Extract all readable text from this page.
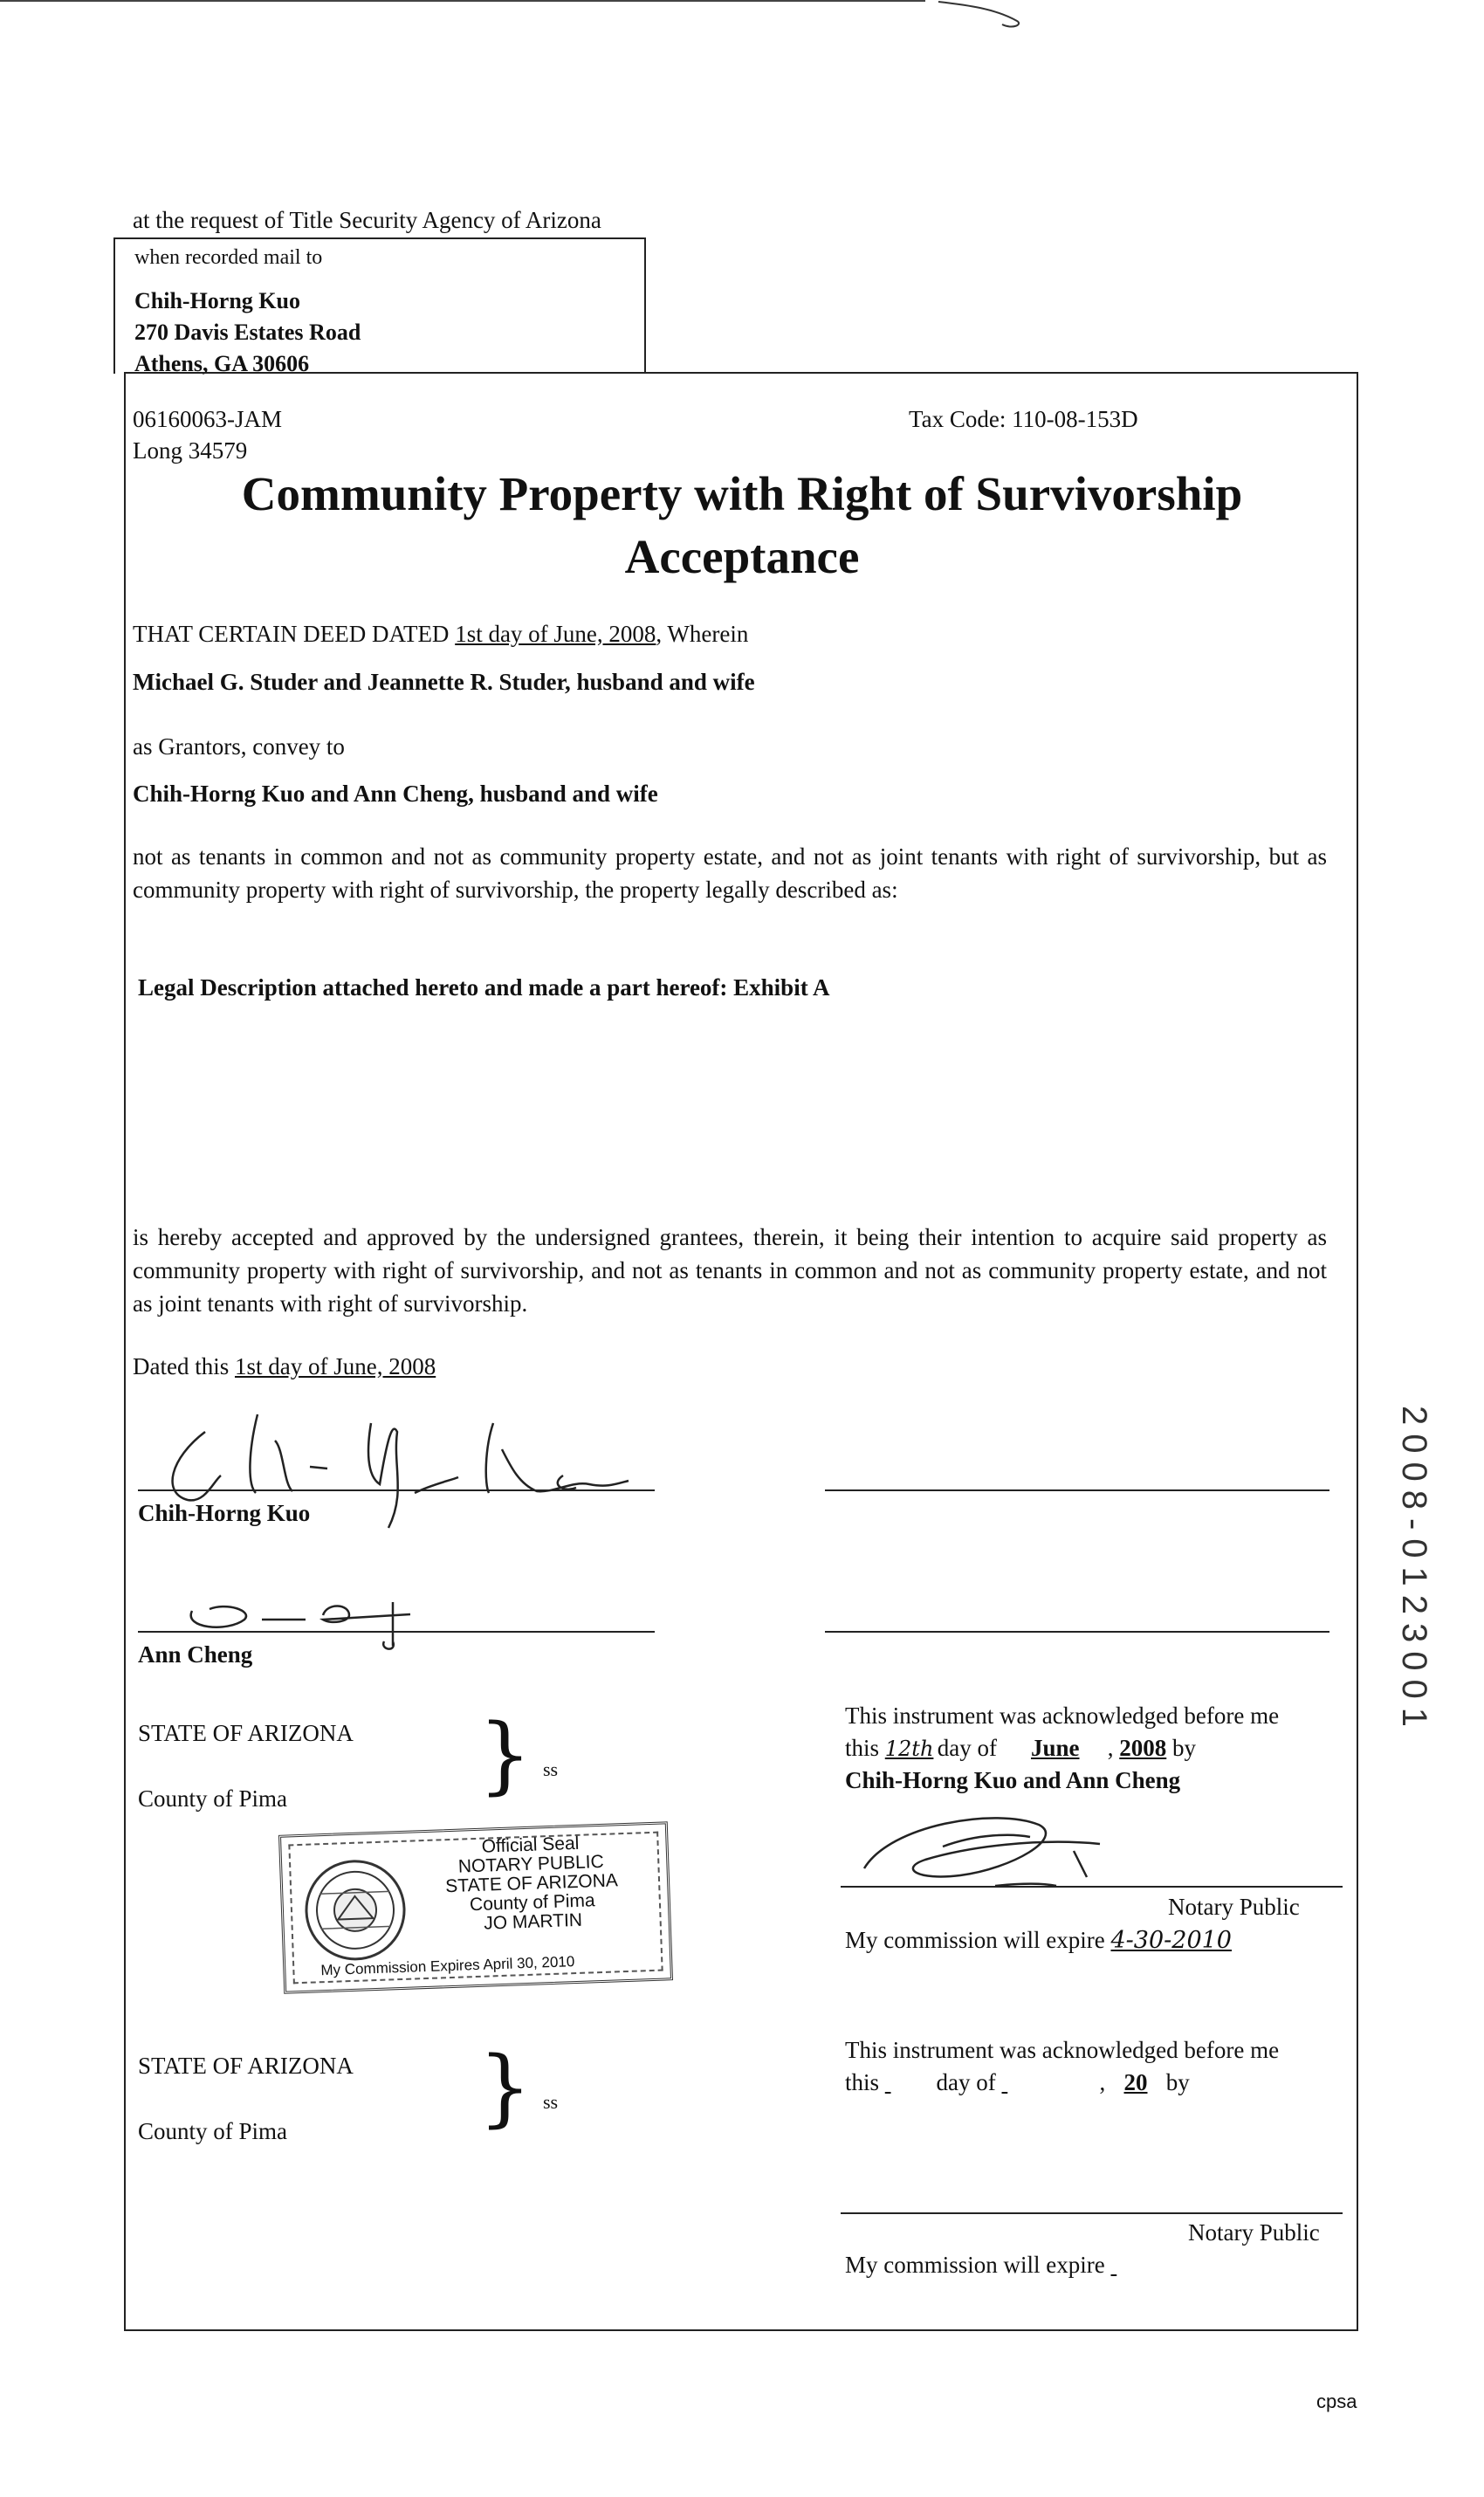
at the request of Title Security Agency of Arizona
when recorded mail to
Chih-Horng Kuo
270 Davis Estates Road
Athens, GA 30606
06160063-JAM
Long 34579
Tax Code: 110-08-153D
Community Property with Right of Survivorship
Acceptance
THAT CERTAIN DEED DATED 1st day of June, 2008, Wherein
Michael G. Studer and Jeannette R. Studer, husband and wife
as Grantors, convey to
Chih-Horng Kuo and Ann Cheng, husband and wife
not as tenants in common and not as community property estate, and not as joint tenants with right of survivorship, but as community property with right of survivorship, the property legally described as:
Legal Description attached hereto and made a part hereof: Exhibit A
is hereby accepted and approved by the undersigned grantees, therein, it being their intention to acquire said property as community property with right of survivorship, and not as tenants in common and not as community property estate, and not as joint tenants with right of survivorship.
Dated this 1st day of June, 2008
Chih-Horng Kuo
Ann Cheng
STATE OF ARIZONA
County of Pima } ss
This instrument was acknowledged before me
this 12th day of June , 2008 by
Chih-Horng Kuo and Ann Cheng
Notary Public
My commission will expire 4-30-2010
Official Seal
NOTARY PUBLIC
STATE OF ARIZONA
County of Pima
JO MARTIN
My Commission Expires April 30, 2010
STATE OF ARIZONA
County of Pima } ss
This instrument was acknowledged before me
this day of	, 20 by
Notary Public
My commission will expire
2008-0123001
cpsa
